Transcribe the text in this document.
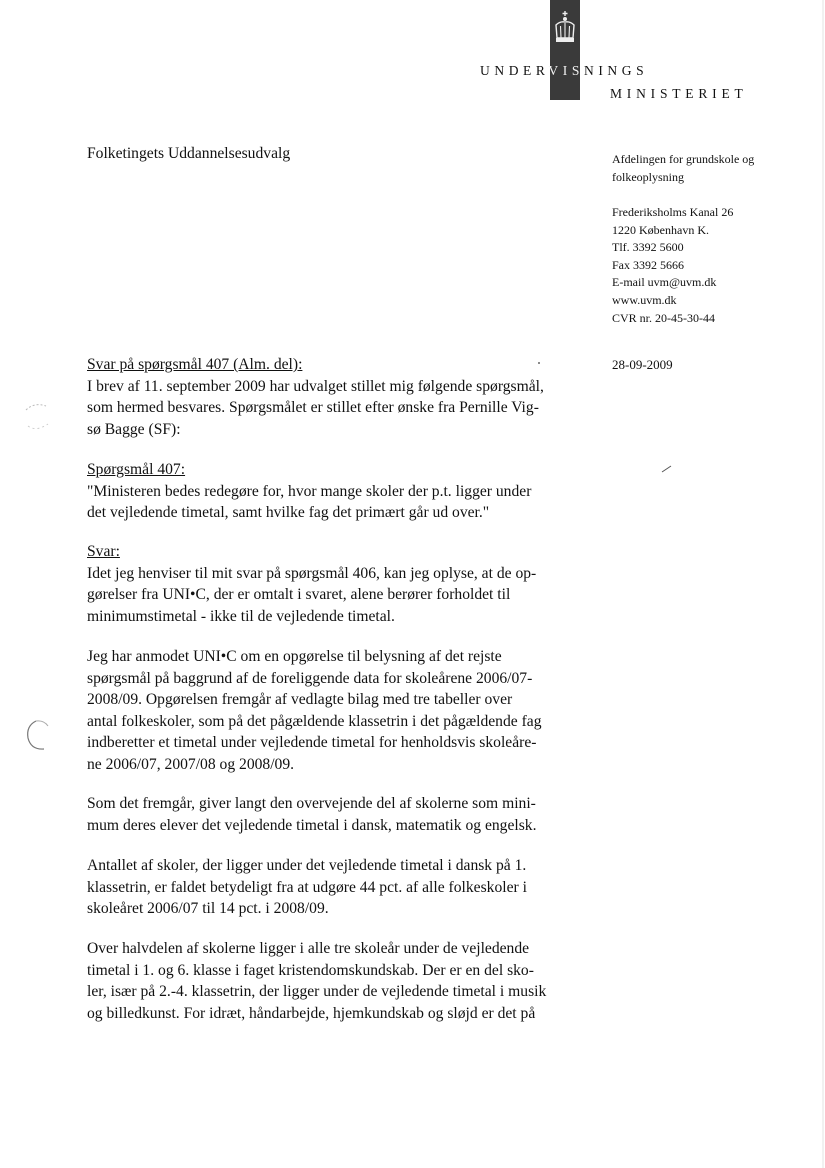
UNDERVISNINGS
MINISTERIET
Folketingets Uddannelsesudvalg	Afdelingen for grundskole og
folkeoplysning
Frederiksholms Kanal 26
1220 København K.
Tlf. 3392 5600
Fax 3392 5666
E-mail uvm@uvm.dk
www.uvm.dk
CVR nr. 20-45-30-44
28-09-2009
Svar på spørgsmål 407 (Alm. del):
I brev af 11. september 2009 har udvalget stillet mig følgende spørgsmål,
som hermed besvares. Spørgsmålet er stillet efter ønske fra Pernille Vig-
sø Bagge (SF):
Spørgsmål 407:
"Ministeren bedes redegøre for, hvor mange skoler der p.t. ligger under
det vejledende timetal, samt hvilke fag det primært går ud over."
Svar:
Idet jeg henviser til mit svar på spørgsmål 406, kan jeg oplyse, at de op-
gørelser fra UNI•C, der er omtalt i svaret, alene berører forholdet til
minimumstimetal - ikke til de vejledende timetal.
Jeg har anmodet UNI•C om en opgørelse til belysning af det rejste
spørgsmål på baggrund af de foreliggende data for skoleårene 2006/07-
2008/09. Opgørelsen fremgår af vedlagte bilag med tre tabeller over
antal folkeskoler, som på det pågældende klassetrin i det pågældende fag
indberetter et timetal under vejledende timetal for henholdsvis skoleåre-
ne 2006/07, 2007/08 og 2008/09.
Som det fremgår, giver langt den overvejende del af skolerne som mini-
mum deres elever det vejledende timetal i dansk, matematik og engelsk.
Antallet af skoler, der ligger under det vejledende timetal i dansk på 1.
klassetrin, er faldet betydeligt fra at udgøre 44 pct. af alle folkeskoler i
skoleåret 2006/07 til 14 pct. i 2008/09.
Over halvdelen af skolerne ligger i alle tre skoleår under de vejledende
timetal i 1. og 6. klasse i faget kristendomskundskab. Der er en del sko-
ler, især på 2.-4. klassetrin, der ligger under de vejledende timetal i musik
og billedkunst. For idræt, håndarbejde, hjemkundskab og sløjd er det på
